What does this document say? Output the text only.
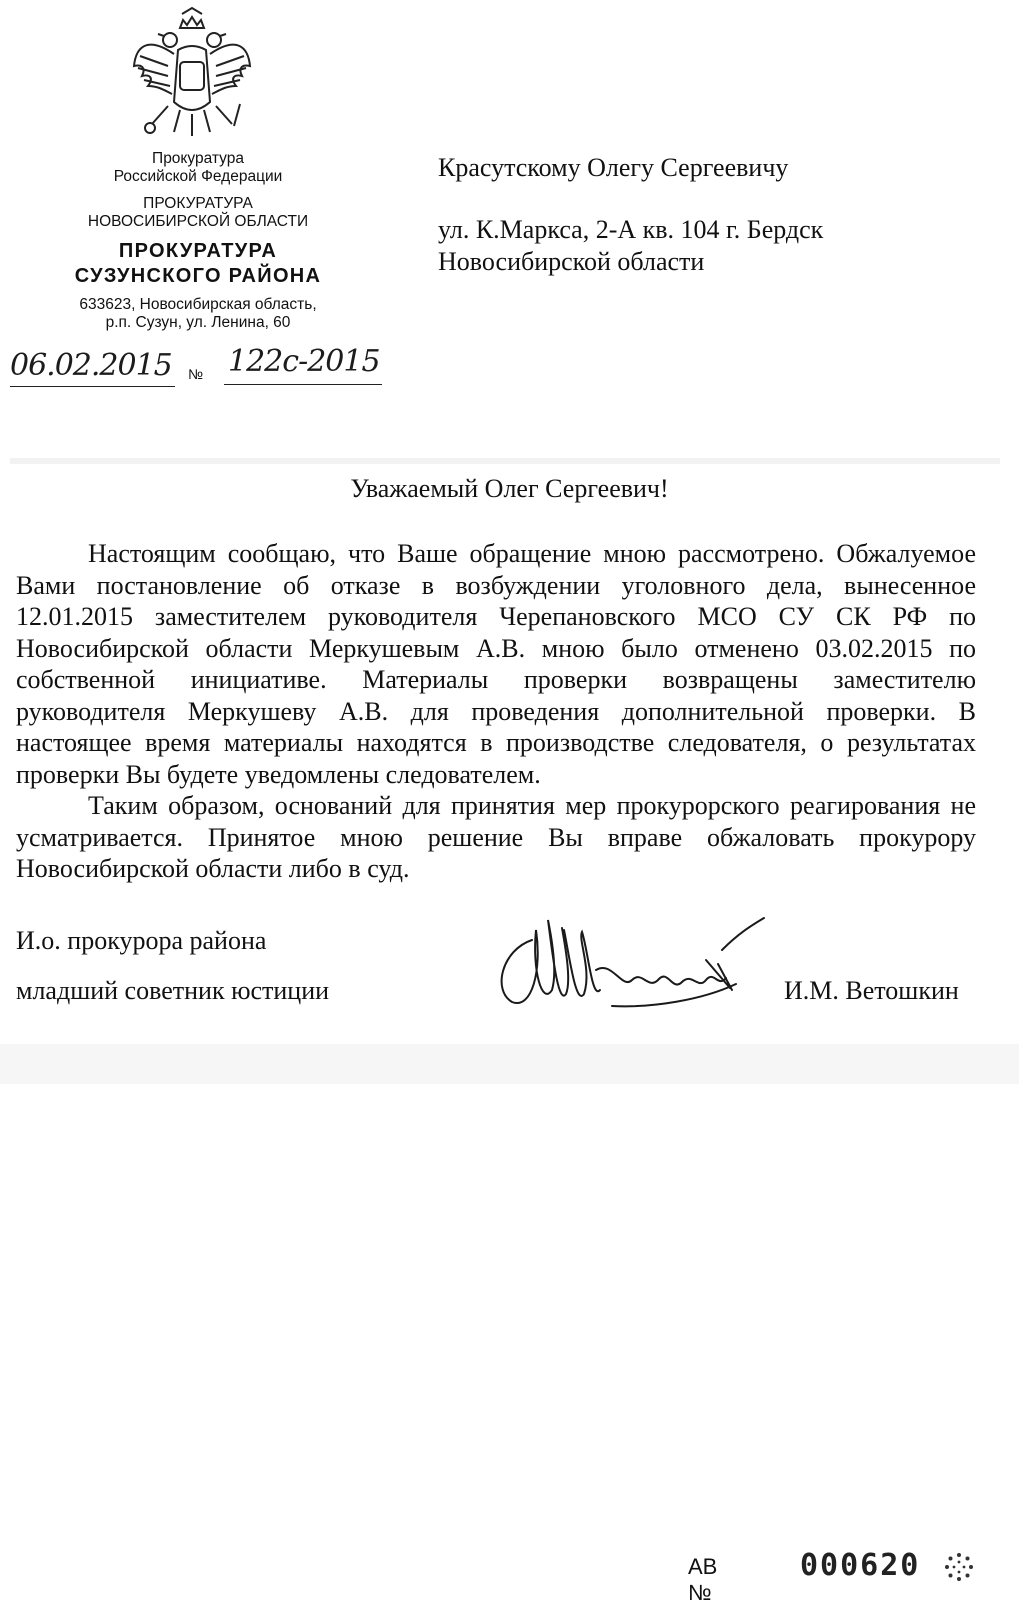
Прокуратура
Российской Федерации
ПРОКУРАТУРА
НОВОСИБИРСКОЙ ОБЛАСТИ
ПРОКУРАТУРА
СУЗУНСКОГО РАЙОНА
633623, Новосибирская область,
р.п. Сузун, ул. Ленина, 60
06.02.2015 № 122с-2015
Красутскому Олегу Сергеевичу
ул. К.Маркса, 2-А кв. 104 г. Бердск
Новосибирской области
Уважаемый Олег Сергеевич!

Настоящим сообщаю, что Ваше обращение мною рассмотрено. Обжалуемое Вами постановление об отказе в возбуждении уголовного дела, вынесенное 12.01.2015 заместителем руководителя Черепановского МСО СУ СК РФ по Новосибирской области Меркушевым А.В. мною было отменено 03.02.2015 по собственной инициативе. Материалы проверки возвращены заместителю руководителя Меркушеву А.В. для проведения дополнительной проверки. В настоящее время материалы находятся в производстве следователя, о результатах проверки Вы будете уведомлены следователем.

Таким образом, оснований для принятия мер прокурорского реагирования не усматривается. Принятое мною решение Вы вправе обжаловать прокурору Новосибирской области либо в суд.

И.о. прокурора района
младший советник юстиции	И.М. Ветошкин
АВ №
000620
